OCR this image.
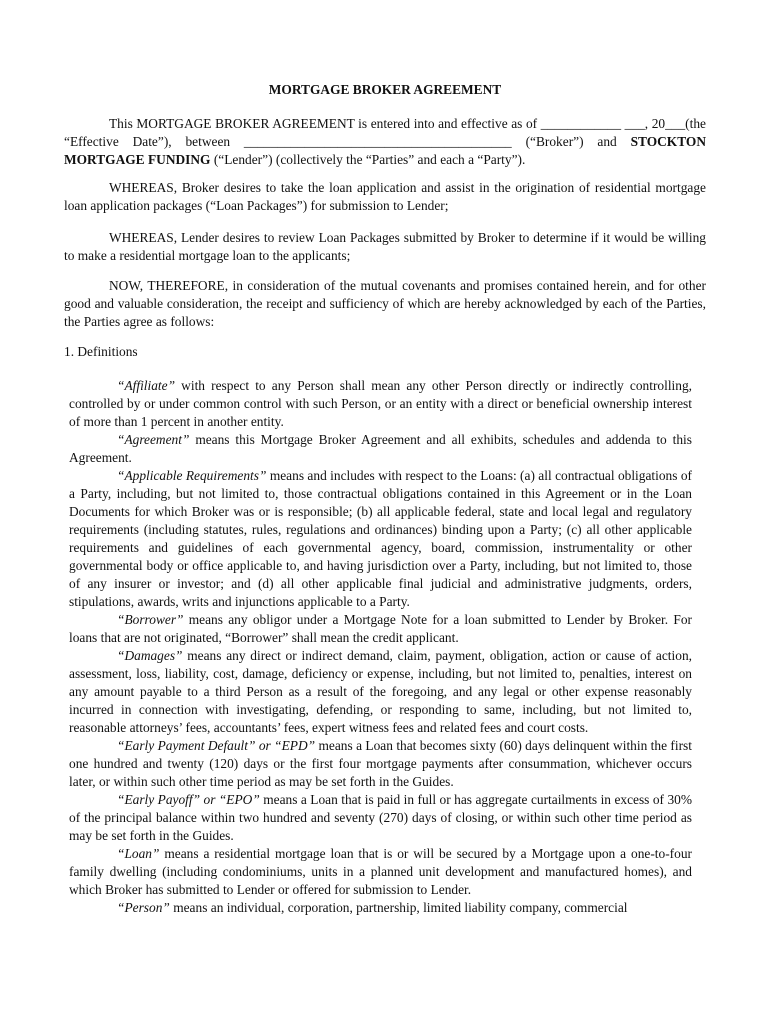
MORTGAGE BROKER AGREEMENT
This MORTGAGE BROKER AGREEMENT is entered into and effective as of ____________ ___, 20___(the “Effective Date”), between ________________________________________ (“Broker”) and STOCKTON MORTGAGE FUNDING (“Lender”) (collectively the “Parties” and each a “Party”).
WHEREAS, Broker desires to take the loan application and assist in the origination of residential mortgage loan application packages (“Loan Packages”) for submission to Lender;
WHEREAS, Lender desires to review Loan Packages submitted by Broker to determine if it would be willing to make a residential mortgage loan to the applicants;
NOW, THEREFORE, in consideration of the mutual covenants and promises contained herein, and for other good and valuable consideration, the receipt and sufficiency of which are hereby acknowledged by each of the Parties, the Parties agree as follows:
1. Definitions

“Affiliate” with respect to any Person shall mean any other Person directly or indirectly controlling, controlled by or under common control with such Person, or an entity with a direct or beneficial ownership interest of more than 1 percent in another entity.

“Agreement” means this Mortgage Broker Agreement and all exhibits, schedules and addenda to this Agreement.

“Applicable Requirements” means and includes with respect to the Loans: (a) all contractual obligations of a Party, including, but not limited to, those contractual obligations contained in this Agreement or in the Loan Documents for which Broker was or is responsible; (b) all applicable federal, state and local legal and regulatory requirements (including statutes, rules, regulations and ordinances) binding upon a Party; (c) all other applicable requirements and guidelines of each governmental agency, board, commission, instrumentality or other governmental body or office applicable to, and having jurisdiction over a Party, including, but not limited to, those of any insurer or investor; and (d) all other applicable final judicial and administrative judgments, orders, stipulations, awards, writs and injunctions applicable to a Party.

“Borrower” means any obligor under a Mortgage Note for a loan submitted to Lender by Broker. For loans that are not originated, “Borrower” shall mean the credit applicant.

“Damages” means any direct or indirect demand, claim, payment, obligation, action or cause of action, assessment, loss, liability, cost, damage, deficiency or expense, including, but not limited to, penalties, interest on any amount payable to a third Person as a result of the foregoing, and any legal or other expense reasonably incurred in connection with investigating, defending, or responding to same, including, but not limited to, reasonable attorneys’ fees, accountants’ fees, expert witness fees and related fees and court costs.

“Early Payment Default” or “EPD” means a Loan that becomes sixty (60) days delinquent within the first one hundred and twenty (120) days or the first four mortgage payments after consummation, whichever occurs later, or within such other time period as may be set forth in the Guides.

“Early Payoff” or “EPO” means a Loan that is paid in full or has aggregate curtailments in excess of 30% of the principal balance within two hundred and seventy (270) days of closing, or within such other time period as may be set forth in the Guides.

“Loan” means a residential mortgage loan that is or will be secured by a Mortgage upon a one-to-four family dwelling (including condominiums, units in a planned unit development and manufactured homes), and which Broker has submitted to Lender or offered for submission to Lender.

“Person” means an individual, corporation, partnership, limited liability company, commercial
